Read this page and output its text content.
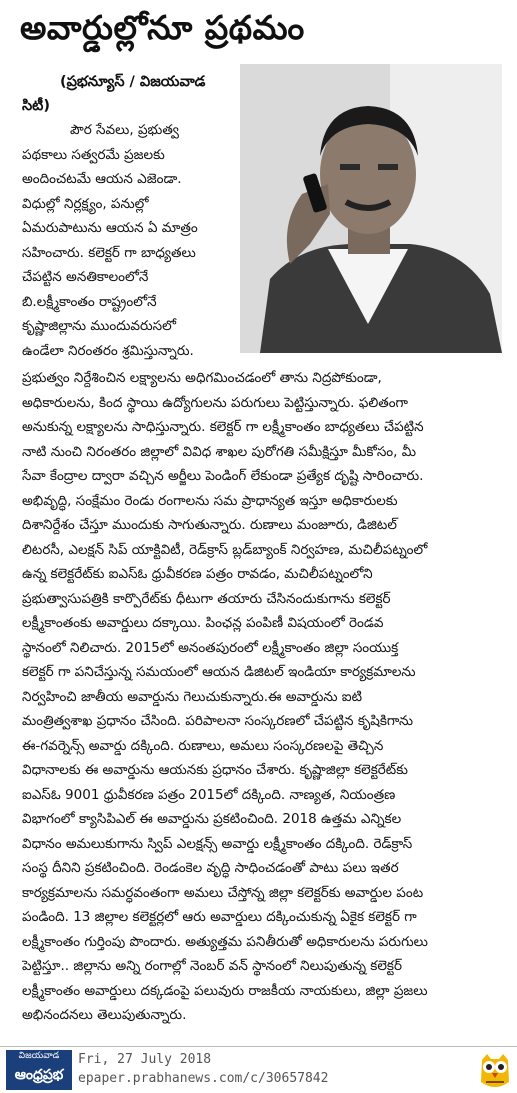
అవార్డుల్లోనూ ప్రథమం
(ప్రభన్యూస్ / విజయవాడ
సిటీ)

పౌర సేవలు, ప్రభుత్వ

పథకాలు సత్వరమే ప్రజలకు

అందించటమే ఆయన ఎజెండా.

విధుల్లో నిర్లక్ష్యం, పనుల్లో

ఏమరుపాటును ఆయన ఏ మాత్రం

సహించారు. కలెక్టర్ గా బాధ్యతలు

చేపట్టిన అనతికాలంలోనే

బి.లక్ష్మీకాంతం రాష్ట్రంలోనే

కృష్ణాజిల్లాను ముందువరుసలో

ఉండేలా నిరంతరం శ్రమిస్తున్నారు.

ప్రభుత్వం నిర్దేశించిన లక్ష్యాలను అధిగమించడంలో తాను నిద్రపోకుండా,

అధికారులను, కింద స్థాయి ఉద్యోగులను పరుగులు పెట్టిస్తున్నారు. ఫలితంగా

అనుకున్న లక్ష్యాలను సాధిస్తున్నారు. కలెక్టర్ గా లక్ష్మీకాంతం బాధ్యతలు చేపట్టిన

నాటి నుంచి నిరంతరం జిల్లాలో వివిధ శాఖల పురోగతి సమీక్షిస్తూ మీకోసం, మీ

సేవా కేంద్రాల ద్వారా వచ్చిన అర్జీలు పెండింగ్ లేకుండా ప్రత్యేక దృష్టి సారించారు.

అభివృద్ధి, సంక్షేమం రెండు రంగాలను సమ ప్రాధాన్యత ఇస్తూ అధికారులకు

దిశానిర్దేశం చేస్తూ ముందుకు సాగుతున్నారు. రుణాలు మంజూరు, డిజిటల్

లిటరసీ, ఎలక్షన్ సిప్ యాక్టివిటీ, రెడ్‌క్రాస్ బ్లడ్‌బ్యాంక్ నిర్వహణ, మచిలీపట్నంలో

ఉన్న కలెక్టరేట్‌కు ఐఎస్ఓ ధ్రువీకరణ పత్రం రావడం, మచిలీపట్నంలోని

ప్రభుత్వాసుపత్రికి కార్పొరేట్‌కు ధీటుగా తయారు చేసినందుకుగాను కలెక్టర్

లక్ష్మీకాంతంకు అవార్డులు దక్కాయి. పింఛన్ల పంపిణీ విషయంలో రెండవ

స్థానంలో నిలిచారు. 2015లో అనంతపురంలో లక్ష్మీకాంతం జిల్లా సంయుక్త

కలెక్టర్ గా పనిచేస్తున్న సమయంలో ఆయన డిజిటల్ ఇండియా కార్యక్రమాలను

నిర్వహించి జాతీయ అవార్డును గెలుచుకున్నారు.ఈ అవార్డును ఐటి

మంత్రిత్వశాఖ ప్రధానం చేసింది. పరిపాలనా సంస్కరణలో చేపట్టిన కృషికిగాను

ఈ-గవర్నెన్స్ అవార్డు దక్కింది. రుణాలు, అమలు సంస్కరణలపై తెచ్చిన

విధానాలకు ఈ అవార్డును ఆయనకు ప్రధానం చేశారు. కృష్ణాజిల్లా కలెక్టరేట్‌కు

ఐఎస్ఓ 9001 ధ్రువీకరణ పత్రం 2015లో దక్కింది. నాణ్యత, నియంత్రణ

విభాగంలో క్యాసిపిఎల్ ఈ అవార్డును ప్రకటించింది. 2018 ఉత్తమ ఎన్నికల

విధానం అమలుకుగాను స్విప్ ఎలక్షన్స్ అవార్డు లక్ష్మీకాంతం దక్కింది. రెడ్‌క్రాస్

సంస్థ దీనిని ప్రకటించింది. రెండంకెల వృద్ధి సాధించడంతో పాటు పలు ఇతర

కార్యక్రమాలను సమర్ధవంతంగా అమలు చేస్తోన్న జిల్లా కలెక్టర్‌కు అవార్డుల పంట

పండింది. 13 జిల్లాల కలెక్టర్లలో ఆరు అవార్డులు దక్కించుకున్న ఏకైక కలెక్టర్ గా

లక్ష్మీకాంతం గుర్తింపు పొందారు. అత్యుత్తమ పనితీరుతో అధికారులను పరుగులు

పెట్టిస్తూ.. జిల్లాను అన్ని రంగాల్లో నెంబర్ వన్ స్థానంలో నిలుపుతున్న కలెక్టర్

లక్ష్మీకాంతం అవార్డులు దక్కడంపై పలువురు రాజకీయ నాయకులు, జిల్లా ప్రజలు

అభినందనలు తెలుపుతున్నారు.

విజయవాడ
ఆంధ్రప్రభ
Fri, 27 July 2018
epaper.prabhanews.com/c/30657842
